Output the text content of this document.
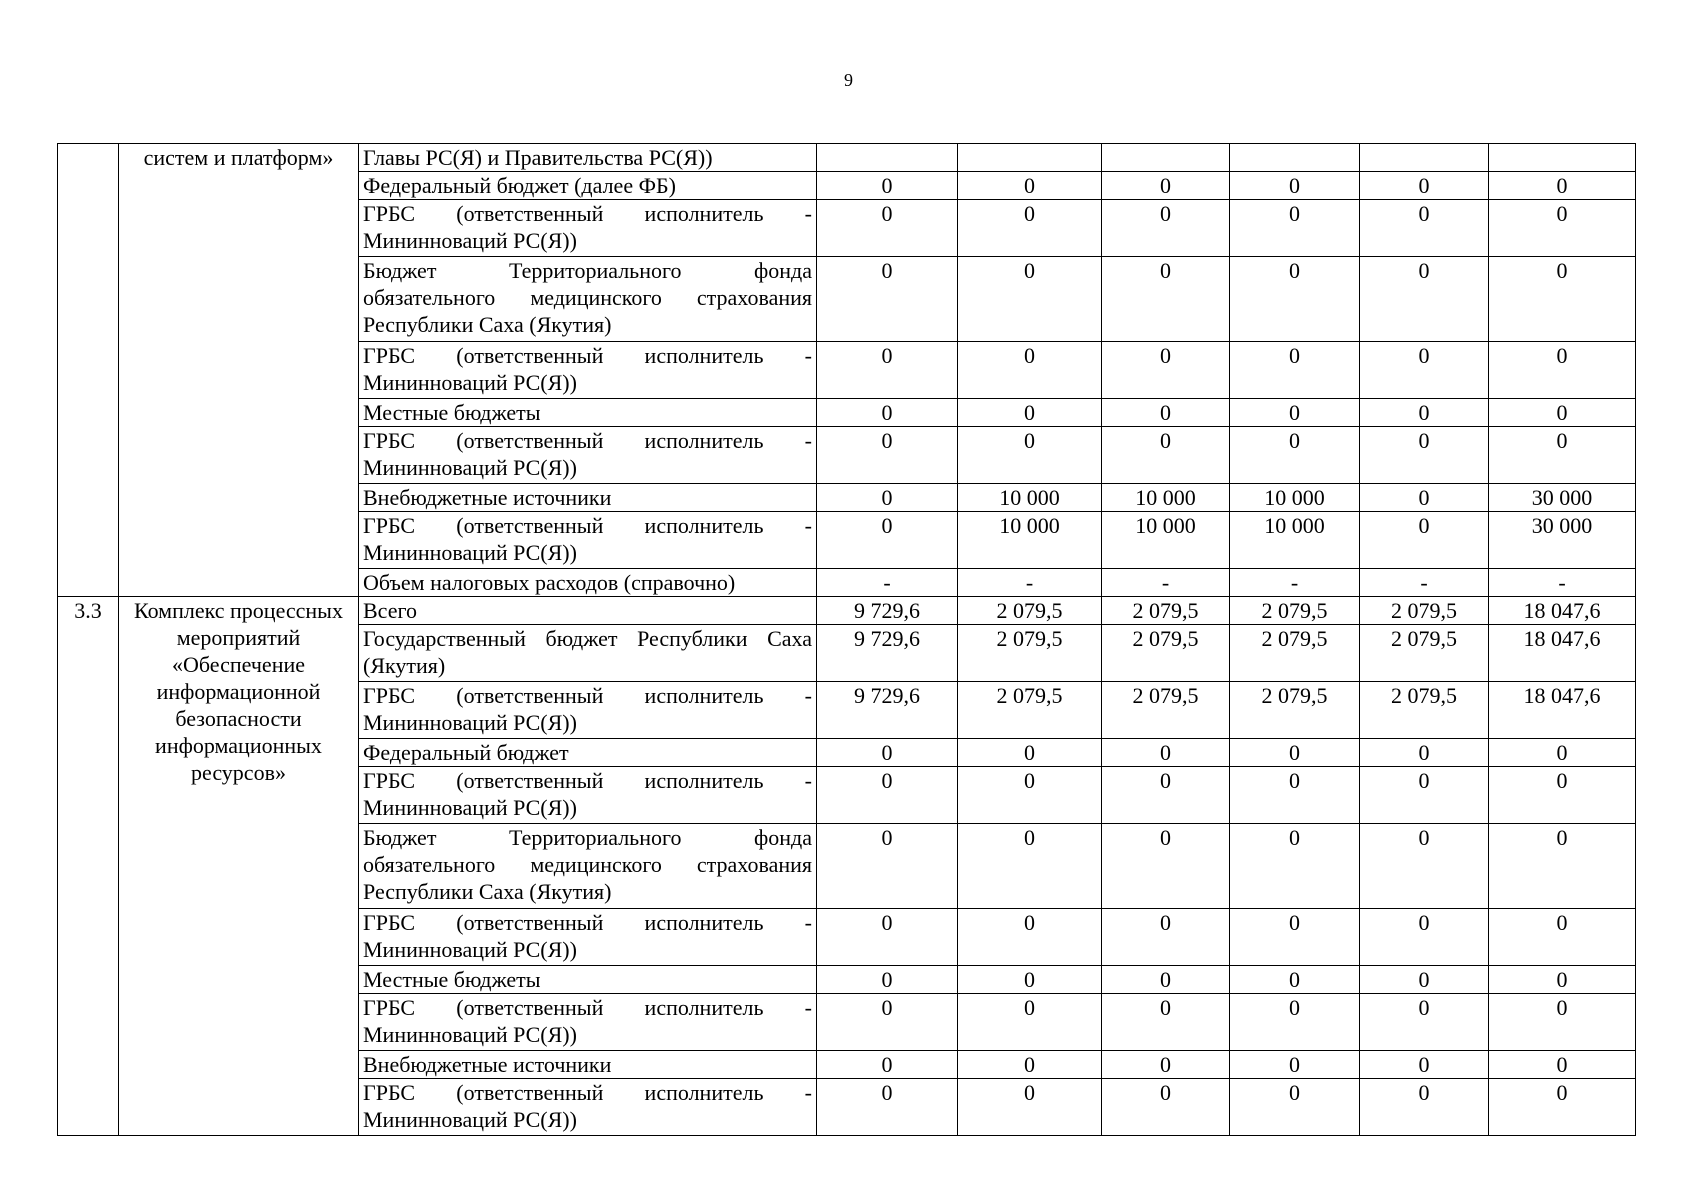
9
	систем и платформ»	Главы РС(Я) и Правительства РС(Я))						
		Федеральный бюджет (далее ФБ)	0	0	0	0	0	0
		ГРБС (ответственный исполнитель - Мининноваций РС(Я))	0	0	0	0	0	0
		Бюджет Территориального фонда обязательного медицинского страхования Республики Саха (Якутия)	0	0	0	0	0	0
		ГРБС (ответственный исполнитель - Мининноваций РС(Я))	0	0	0	0	0	0
		Местные бюджеты	0	0	0	0	0	0
		ГРБС (ответственный исполнитель - Мининноваций РС(Я))	0	0	0	0	0	0
		Внебюджетные источники	0	10 000	10 000	10 000	0	30 000
		ГРБС (ответственный исполнитель - Мининноваций РС(Я))	0	10 000	10 000	10 000	0	30 000
		Объем налоговых расходов (справочно)	-	-	-	-	-	-
3.3	Комплекс процессных мероприятий «Обеспечение информационной безопасности информационных ресурсов»	Всего	9 729,6	2 079,5	2 079,5	2 079,5	2 079,5	18 047,6
		Государственный бюджет Республики Саха (Якутия)	9 729,6	2 079,5	2 079,5	2 079,5	2 079,5	18 047,6
		ГРБС (ответственный исполнитель - Мининноваций РС(Я))	9 729,6	2 079,5	2 079,5	2 079,5	2 079,5	18 047,6
		Федеральный бюджет	0	0	0	0	0	0
		ГРБС (ответственный исполнитель - Мининноваций РС(Я))	0	0	0	0	0	0
		Бюджет Территориального фонда обязательного медицинского страхования Республики Саха (Якутия)	0	0	0	0	0	0
		ГРБС (ответственный исполнитель - Мининноваций РС(Я))	0	0	0	0	0	0
		Местные бюджеты	0	0	0	0	0	0
		ГРБС (ответственный исполнитель - Мининноваций РС(Я))	0	0	0	0	0	0
		Внебюджетные источники	0	0	0	0	0	0
		ГРБС (ответственный исполнитель - Мининноваций РС(Я))	0	0	0	0	0	0
